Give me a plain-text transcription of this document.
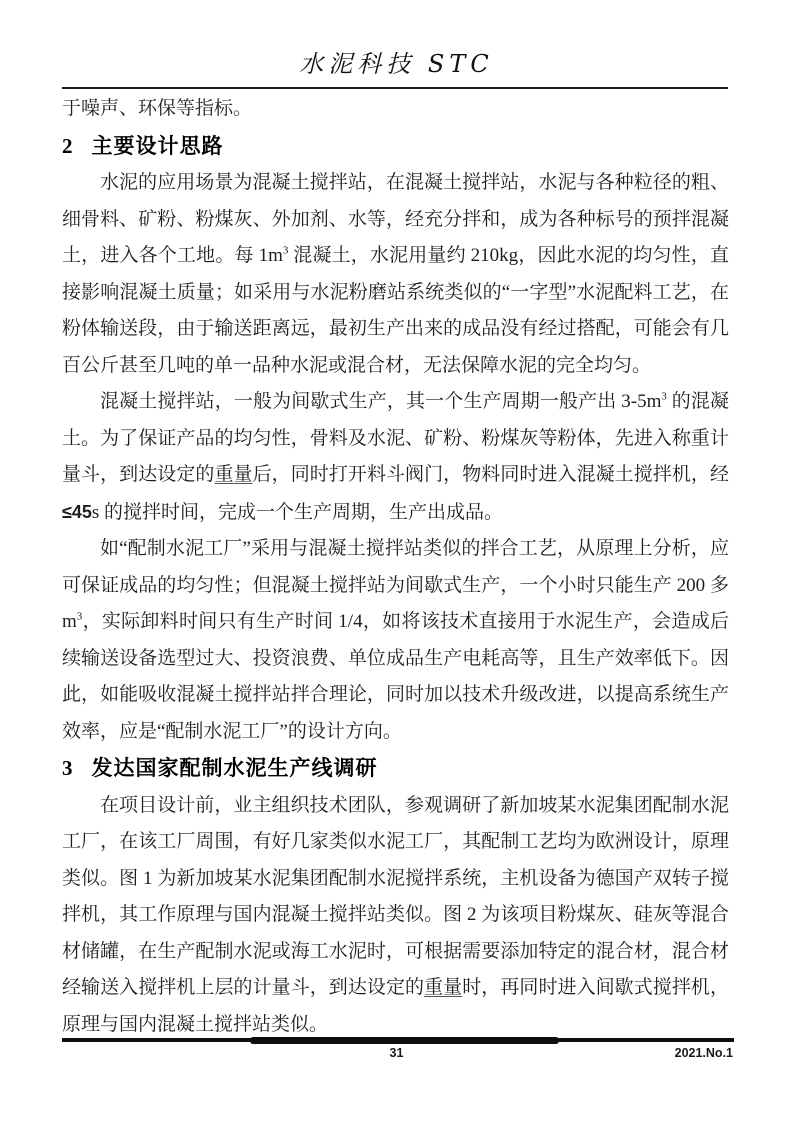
水泥科技 STC

于噪声、环保等指标。

2 主要设计思路

水泥的应用场景为混凝土搅拌站，在混凝土搅拌站，水泥与各种粒径的粗、细骨料、矿粉、粉煤灰、外加剂、水等，经充分拌和，成为各种标号的预拌混凝土，进入各个工地。每 $1m^3$ 混凝土，水泥用量约 210kg，因此水泥的均匀性，直接影响混凝土质量；如采用与水泥粉磨站系统类似的“一字型”水泥配料工艺，在粉体输送段，由于输送距离远，最初生产出来的成品没有经过搭配，可能会有几百公斤甚至几吨的单一品种水泥或混合材，无法保障水泥的完全均匀。

混凝土搅拌站，一般为间歇式生产，其一个生产周期一般产出 $3-5m^3$ 的混凝土。为了保证产品的均匀性，骨料及水泥、矿粉、粉煤灰等粉体，先进入称重计量斗，到达设定的重量后，同时打开料斗阀门，物料同时进入混凝土搅拌机，经≤45s 的搅拌时间，完成一个生产周期，生产出成品。

如“配制水泥工厂”采用与混凝土搅拌站类似的拌合工艺，从原理上分析，应可保证成品的均匀性；但混凝土搅拌站为间歇式生产，一个小时只能生产 200 多 $m^3$，实际卸料时间只有生产时间 1/4，如将该技术直接用于水泥生产，会造成后续输送设备选型过大、投资浪费、单位成品生产电耗高等，且生产效率低下。因此，如能吸收混凝土搅拌站拌合理论，同时加以技术升级改进，以提高系统生产效率，应是“配制水泥工厂”的设计方向。

3 发达国家配制水泥生产线调研

在项目设计前，业主组织技术团队，参观调研了新加坡某水泥集团配制水泥工厂，在该工厂周围，有好几家类似水泥工厂，其配制工艺均为欧洲设计，原理类似。图 1 为新加坡某水泥集团配制水泥搅拌系统，主机设备为德国产双转子搅拌机，其工作原理与国内混凝土搅拌站类似。图 2 为该项目粉煤灰、硅灰等混合材储罐，在生产配制水泥或海工水泥时，可根据需要添加特定的混合材，混合材经输送入搅拌机上层的计量斗，到达设定的重量时，再同时进入间歇式搅拌机，原理与国内混凝土搅拌站类似。

31	2021.No.1
